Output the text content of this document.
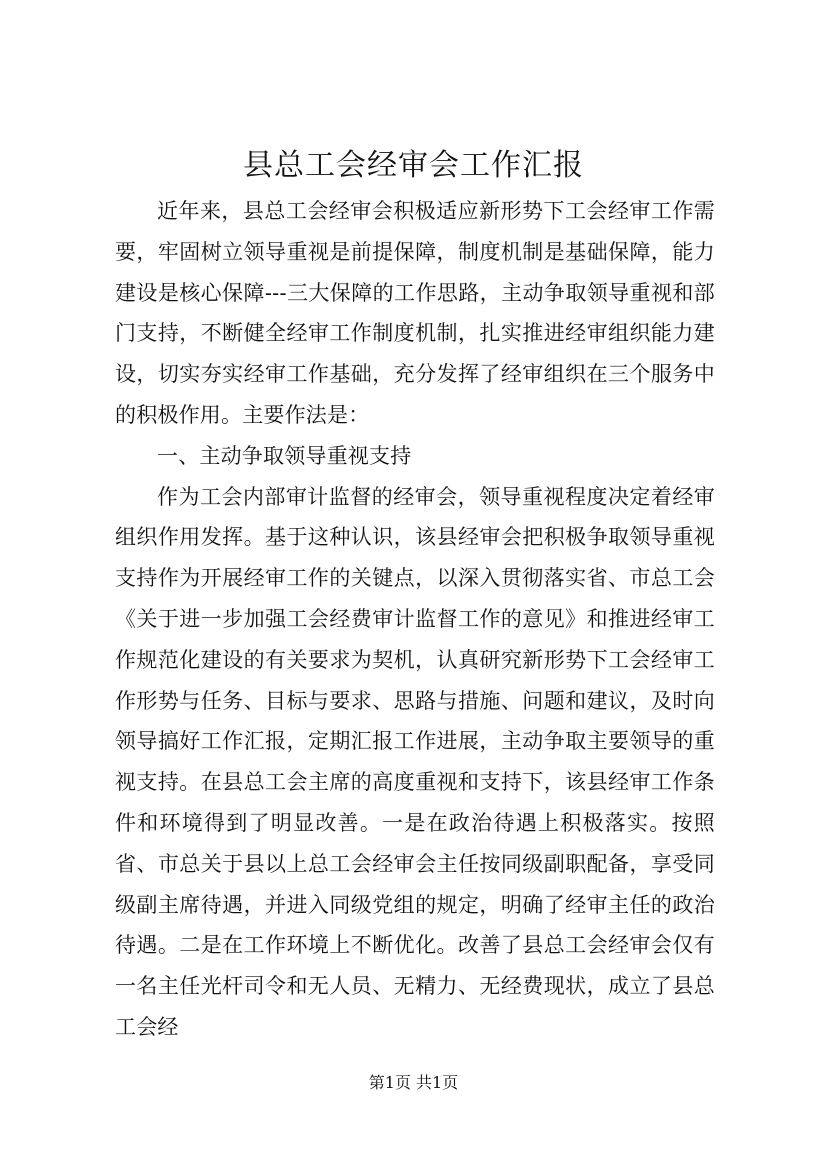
县总工会经审会工作汇报

近年来，县总工会经审会积极适应新形势下工会经审工作需要，牢固树立领导重视是前提保障，制度机制是基础保障，能力建设是核心保障---三大保障的工作思路，主动争取领导重视和部门支持，不断健全经审工作制度机制，扎实推进经审组织能力建设，切实夯实经审工作基础，充分发挥了经审组织在三个服务中的积极作用。主要作法是：

一、主动争取领导重视支持

作为工会内部审计监督的经审会，领导重视程度决定着经审组织作用发挥。基于这种认识，该县经审会把积极争取领导重视支持作为开展经审工作的关键点，以深入贯彻落实省、市总工会《关于进一步加强工会经费审计监督工作的意见》和推进经审工作规范化建设的有关要求为契机，认真研究新形势下工会经审工作形势与任务、目标与要求、思路与措施、问题和建议，及时向领导搞好工作汇报，定期汇报工作进展，主动争取主要领导的重视支持。在县总工会主席的高度重视和支持下，该县经审工作条件和环境得到了明显改善。一是在政治待遇上积极落实。按照省、市总关于县以上总工会经审会主任按同级副职配备，享受同级副主席待遇，并进入同级党组的规定，明确了经审主任的政治待遇。二是在工作环境上不断优化。改善了县总工会经审会仅有一名主任光杆司令和无人员、无精力、无经费现状，成立了县总工会经

第1页 共1页
